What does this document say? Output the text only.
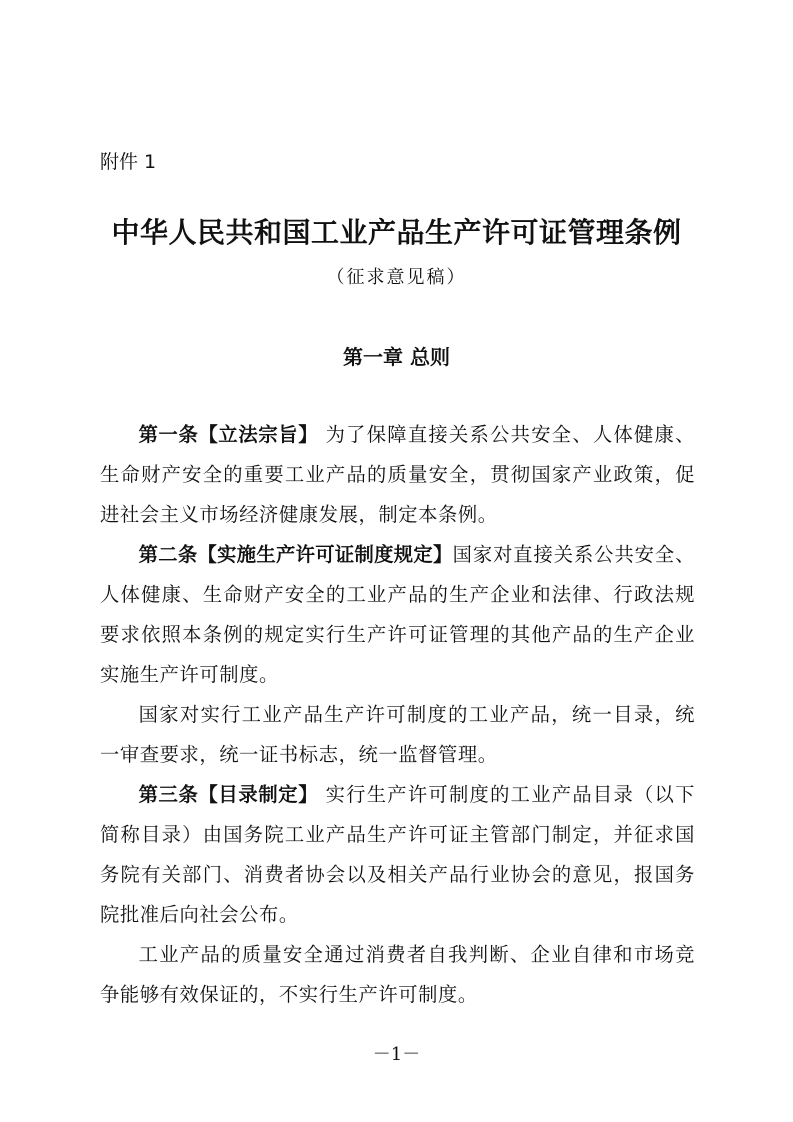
附件 1
中华人民共和国工业产品生产许可证管理条例
（征求意见稿）
第一章 总则

第一条【立法宗旨】 为了保障直接关系公共安全、人体健康、生命财产安全的重要工业产品的质量安全，贯彻国家产业政策，促进社会主义市场经济健康发展，制定本条例。

第二条【实施生产许可证制度规定】国家对直接关系公共安全、人体健康、生命财产安全的工业产品的生产企业和法律、行政法规要求依照本条例的规定实行生产许可证管理的其他产品的生产企业实施生产许可制度。

国家对实行工业产品生产许可制度的工业产品，统一目录，统一审查要求，统一证书标志，统一监督管理。

第三条【目录制定】 实行生产许可制度的工业产品目录（以下简称目录）由国务院工业产品生产许可证主管部门制定，并征求国务院有关部门、消费者协会以及相关产品行业协会的意见，报国务院批准后向社会公布。

工业产品的质量安全通过消费者自我判断、企业自律和市场竞争能够有效保证的，不实行生产许可制度。

－1－
